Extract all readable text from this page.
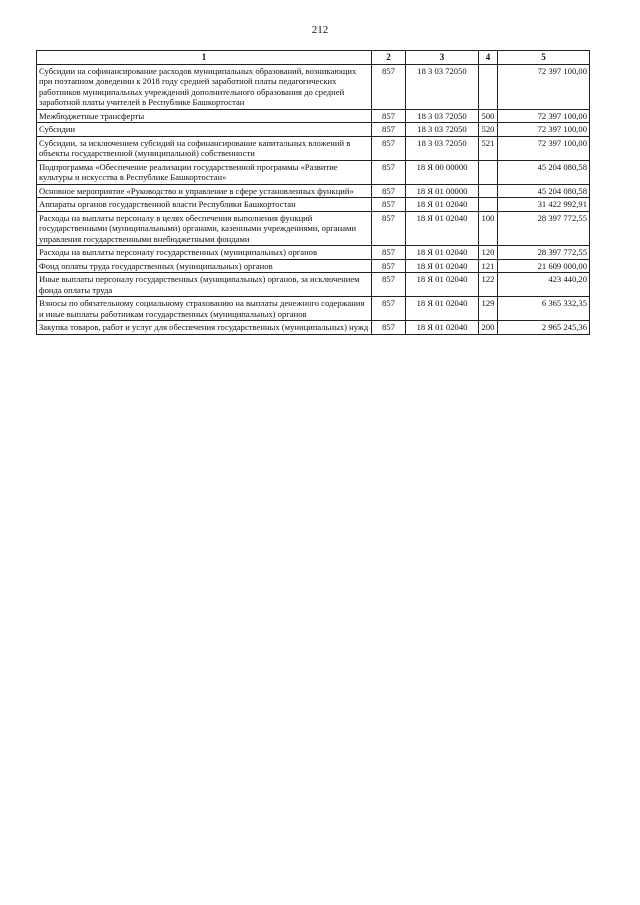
212
1	2	3	4	5
Субсидии на софинансирование расходов муниципальных образований, возникающих при поэтапном доведении к 2018 году средней заработной платы педагогических работников муниципальных учреждений дополнительного образования до средней заработной платы учителей в Республике Башкортостан	857	18 3 03 72050		72 397 100,00
Межбюджетные трансферты	857	18 3 03 72050	500	72 397 100,00
Субсидии	857	18 3 03 72050	520	72 397 100,00
Субсидии, за исключением субсидий на софинансирование капитальных вложений в объекты государственной (муниципальной) собственности	857	18 3 03 72050	521	72 397 100,00
Подпрограмма «Обеспечение реализации государственной программы «Развитие культуры и искусства в Республике Башкортостан»	857	18 Я 00 00000		45 204 080,58
Основное мероприятие «Руководство и управление в сфере установленных функций»	857	18 Я 01 00000		45 204 080,58
Аппараты органов государственной власти Республики Башкортостан	857	18 Я 01 02040		31 422 992,91
Расходы на выплаты персоналу в целях обеспечения выполнения функций государственными (муниципальными) органами, казенными учреждениями, органами управления государственными внебюджетными фондами	857	18 Я 01 02040	100	28 397 772,55
Расходы на выплаты персоналу государственных (муниципальных) органов	857	18 Я 01 02040	120	28 397 772,55
Фонд оплаты труда государственных (муниципальных) органов	857	18 Я 01 02040	121	21 609 000,00
Иные выплаты персоналу государственных (муниципальных) органов, за исключением фонда оплаты труда	857	18 Я 01 02040	122	423 440,20
Взносы по обязательному социальному страхованию на выплаты денежного содержания и иные выплаты работникам государственных (муниципальных) органов	857	18 Я 01 02040	129	6 365 332,35
Закупка товаров, работ и услуг для обеспечения государственных (муниципальных) нужд	857	18 Я 01 02040	200	2 965 245,36
